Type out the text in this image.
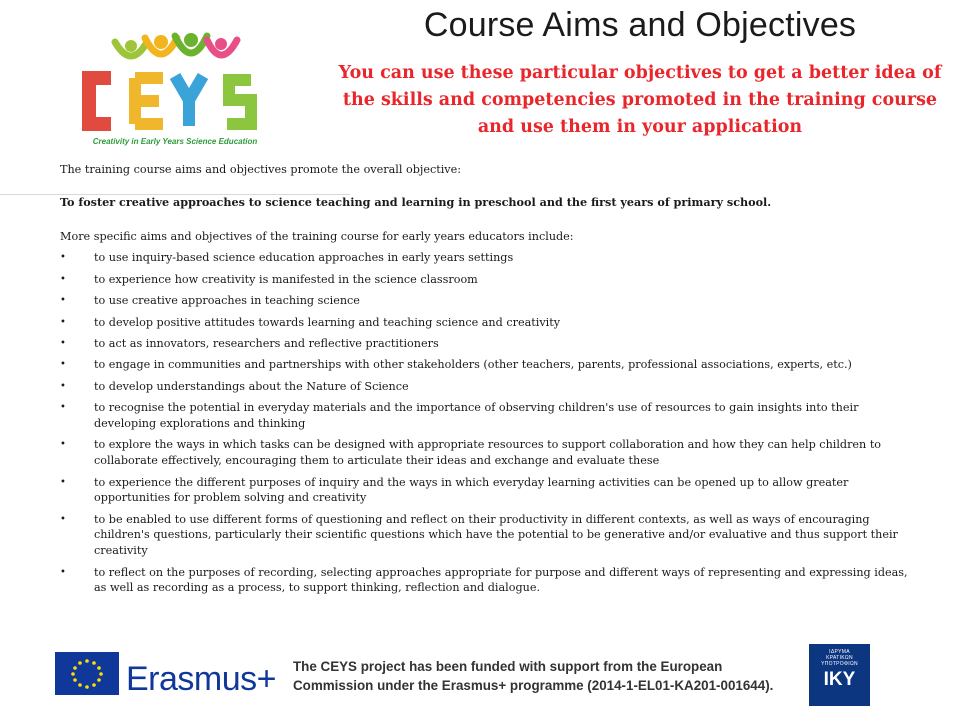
Creativity in Early Years Science Education
Course Aims and Objectives
You can use these particular objectives to get a better idea of the skills and competencies promoted in the training course and use them in your application

The training course aims and objectives promote the overall objective:

To foster creative approaches to science teaching and learning in preschool and the first years of primary school.

More specific aims and objectives of the training course for early years educators include:

•	to use inquiry-based science education approaches in early years settings
•	to experience how creativity is manifested in the science classroom
•	to use creative approaches in teaching science
•	to develop positive attitudes towards learning and teaching science and creativity
•	to act as innovators, researchers and reflective practitioners
•	to engage in communities and partnerships with other stakeholders (other teachers, parents, professional associations, experts, etc.)
•	to develop understandings about the Nature of Science
•	to recognise the potential in everyday materials and the importance of observing children's use of resources to gain insights into their developing explorations and thinking
•	to explore the ways in which tasks can be designed with appropriate resources to support collaboration and how they can help children to collaborate effectively, encouraging them to articulate their ideas and exchange and evaluate these
•	to experience the different purposes of inquiry and the ways in which everyday learning activities can be opened up to allow greater opportunities for problem solving and creativity
•	to be enabled to use different forms of questioning and reflect on their productivity in different contexts, as well as ways of encouraging children's questions, particularly their scientific questions which have the potential to be generative and/or evaluative and thus support their creativity
•	to reflect on the purposes of recording, selecting approaches appropriate for purpose and different ways of representing and expressing ideas, as well as recording as a process, to support thinking, reflection and dialogue.
Erasmus+ The CEYS project has been funded with support from the European
Commission under the Erasmus+ programme (2014-1-EL01-KA201-001644).
ΙΔΡΥΜΑ
ΚΡΑΤΙΚΩΝ
ΥΠΟΤΡΟΦΙΩΝ
IKY
